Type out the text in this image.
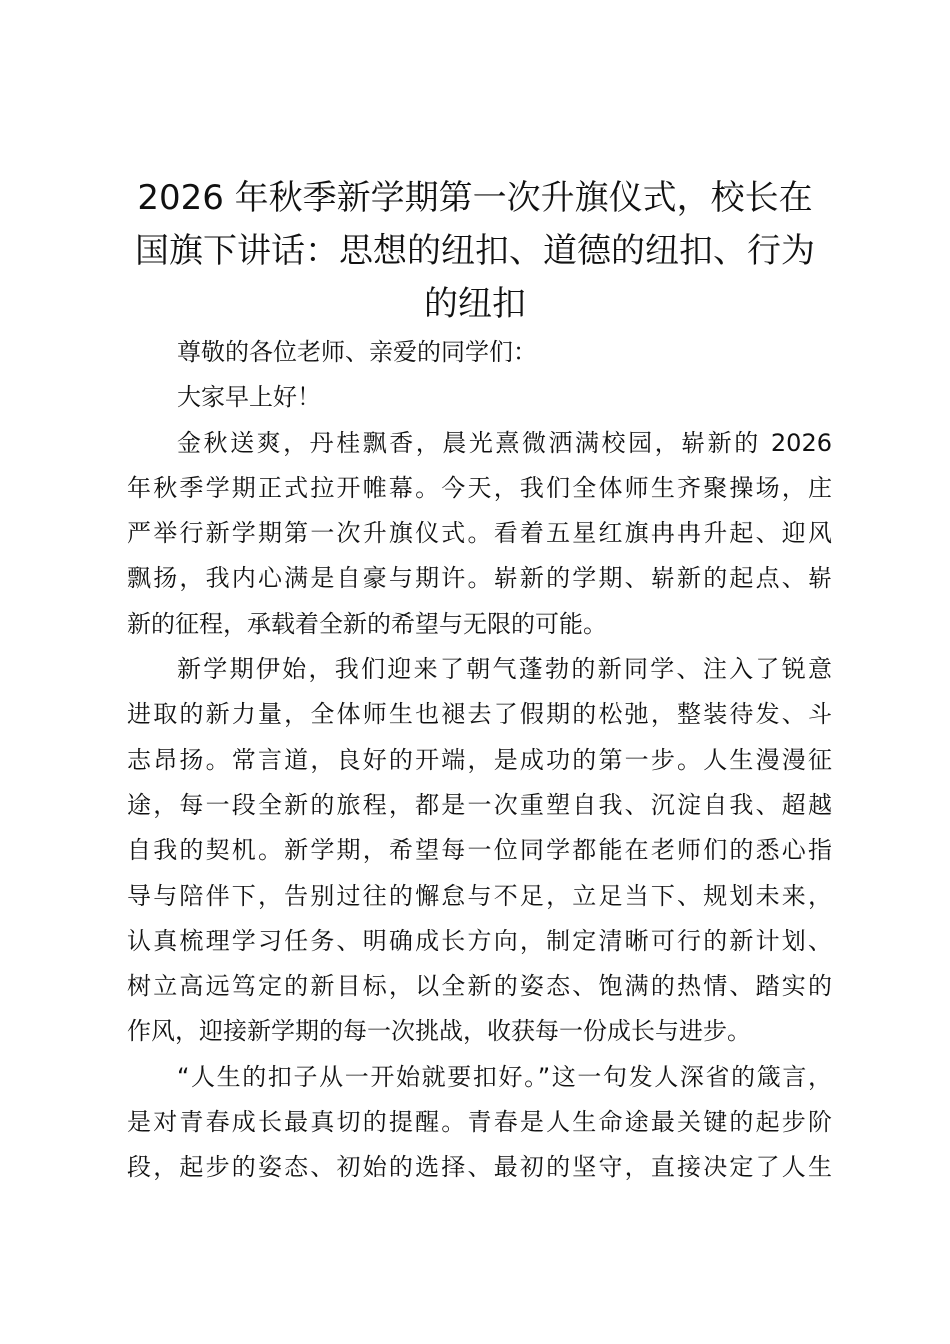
2026 年秋季新学期第一次升旗仪式，校长在
国旗下讲话：思想的纽扣、道德的纽扣、行为
的纽扣

尊敬的各位老师、亲爱的同学们：

大家早上好！

金秋送爽，丹桂飘香，晨光熹微洒满校园，崭新的 2026
年秋季学期正式拉开帷幕。今天，我们全体师生齐聚操场，庄
严举行新学期第一次升旗仪式。看着五星红旗冉冉升起、迎风
飘扬，我内心满是自豪与期许。崭新的学期、崭新的起点、崭
新的征程，承载着全新的希望与无限的可能。

新学期伊始，我们迎来了朝气蓬勃的新同学、注入了锐意
进取的新力量，全体师生也褪去了假期的松弛，整装待发、斗
志昂扬。常言道，良好的开端，是成功的第一步。人生漫漫征
途，每一段全新的旅程，都是一次重塑自我、沉淀自我、超越
自我的契机。新学期，希望每一位同学都能在老师们的悉心指
导与陪伴下，告别过往的懈怠与不足，立足当下、规划未来，
认真梳理学习任务、明确成长方向，制定清晰可行的新计划、
树立高远笃定的新目标，以全新的姿态、饱满的热情、踏实的
作风，迎接新学期的每一次挑战，收获每一份成长与进步。

“人生的扣子从一开始就要扣好。”这一句发人深省的箴言，
是对青春成长最真切的提醒。青春是人生命途最关键的起步阶
段，起步的姿态、初始的选择、最初的坚守，直接决定了人生
